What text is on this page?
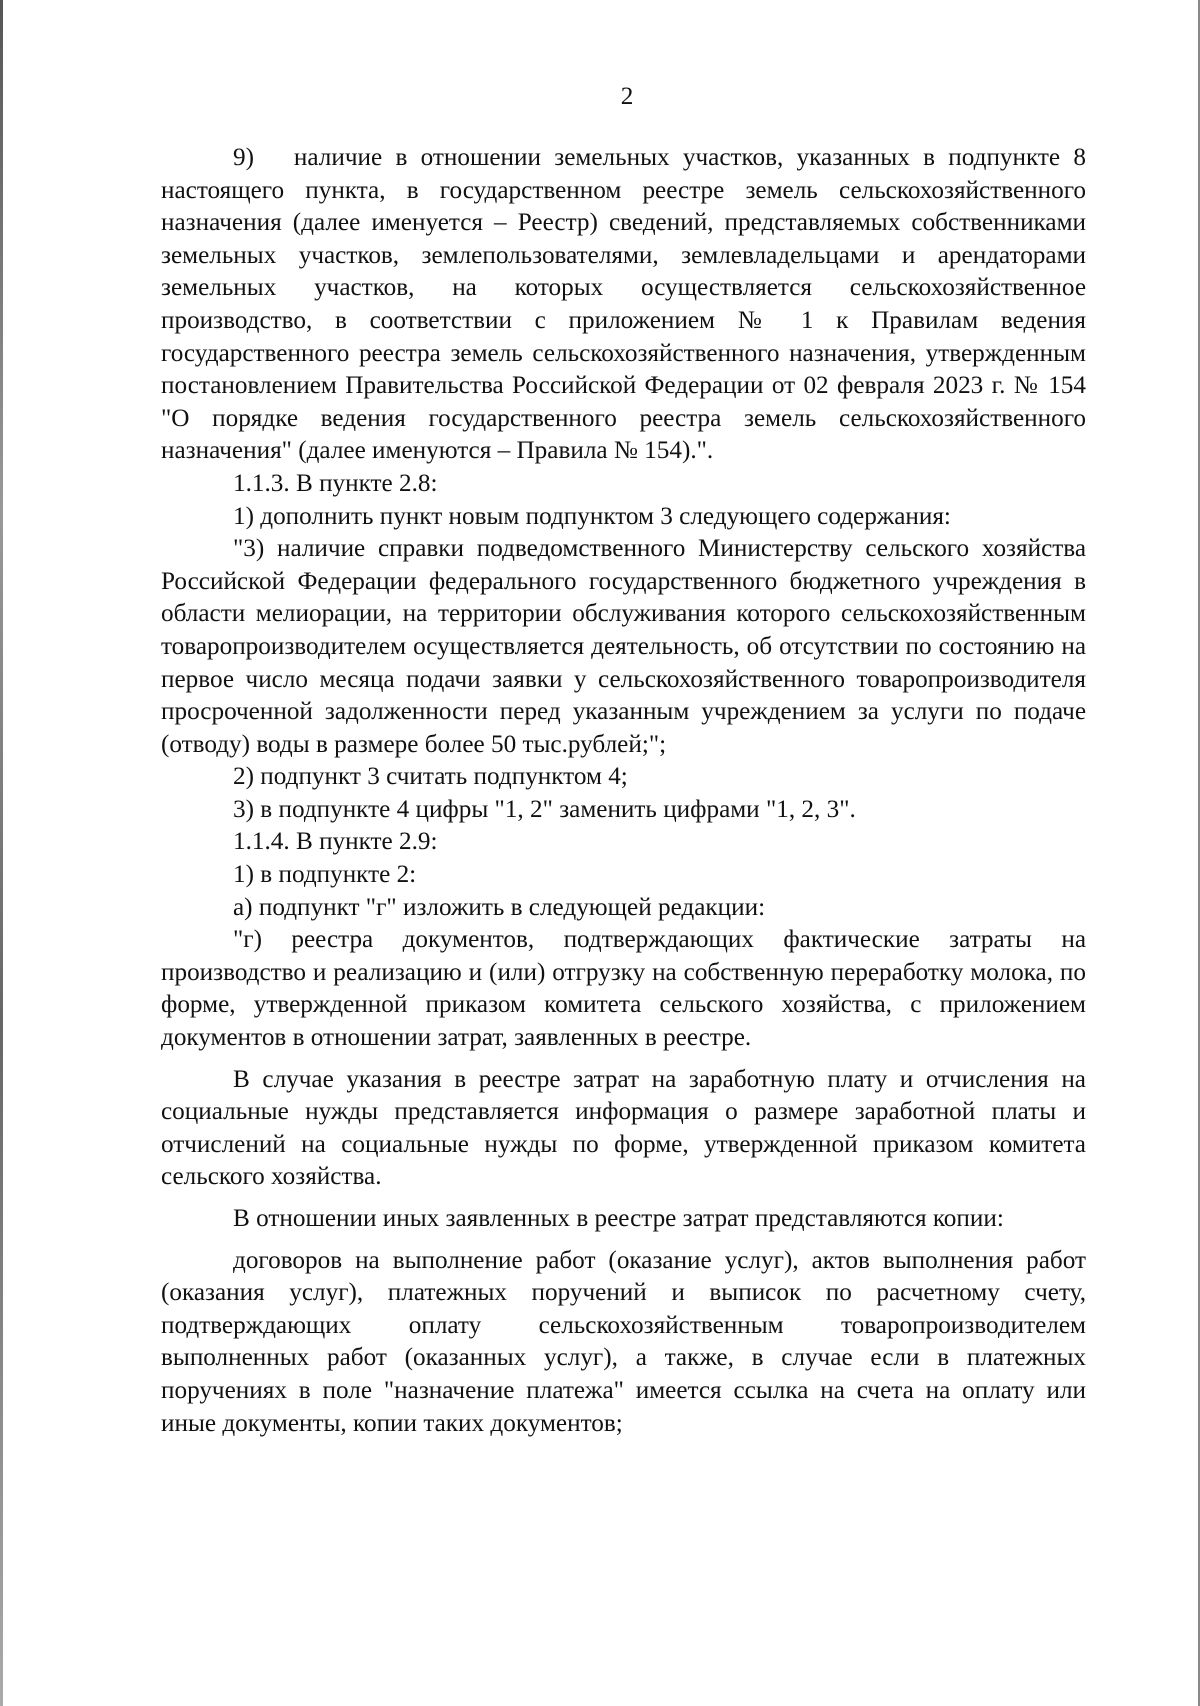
2

9)   наличие в отношении земельных участков, указанных в подпункте 8 настоящего пункта, в государственном реестре земель сельскохозяйственного назначения (далее именуется – Реестр) сведений, представляемых собственниками земельных участков, землепользователями, землевладельцами и арендаторами земельных участков, на которых осуществляется сельскохозяйственное производство, в соответствии с приложением № 1 к Правилам ведения государственного реестра земель сельскохозяйственного назначения, утвержденным постановлением Правительства Российской Федерации от 02 февраля 2023 г. № 154 "О порядке ведения государственного реестра земель сельскохозяйственного назначения" (далее именуются – Правила № 154).".

1.1.3. В пункте 2.8:

1) дополнить пункт новым подпунктом 3 следующего содержания:

"3) наличие справки подведомственного Министерству сельского хозяйства Российской Федерации федерального государственного бюджетного учреждения в области мелиорации, на территории обслуживания которого сельскохозяйственным товаропроизводителем осуществляется деятельность, об отсутствии по состоянию на первое число месяца подачи заявки у сельскохозяйственного товаропроизводителя просроченной задолженности перед указанным учреждением за услуги по подаче (отводу) воды в размере более 50 тыс.рублей;";

2) подпункт 3 считать подпунктом 4;

3) в подпункте 4 цифры "1, 2" заменить цифрами "1, 2, 3".

1.1.4. В пункте 2.9:

1) в подпункте 2:

а) подпункт "г" изложить в следующей редакции:

"г) реестра документов, подтверждающих фактические затраты на производство и реализацию и (или) отгрузку на собственную переработку молока, по форме, утвержденной приказом комитета сельского хозяйства, с приложением документов в отношении затрат, заявленных в реестре.

В случае указания в реестре затрат на заработную плату и отчисления на социальные нужды представляется информация о размере заработной платы и отчислений на социальные нужды по форме, утвержденной приказом комитета сельского хозяйства.

В отношении иных заявленных в реестре затрат представляются копии:

договоров на выполнение работ (оказание услуг), актов выполнения работ (оказания услуг), платежных поручений и выписок по расчетному счету, подтверждающих оплату сельскохозяйственным товаропроизводителем выполненных работ (оказанных услуг), а также, в случае если в платежных поручениях в поле "назначение платежа" имеется ссылка на счета на оплату или иные документы, копии таких документов;
